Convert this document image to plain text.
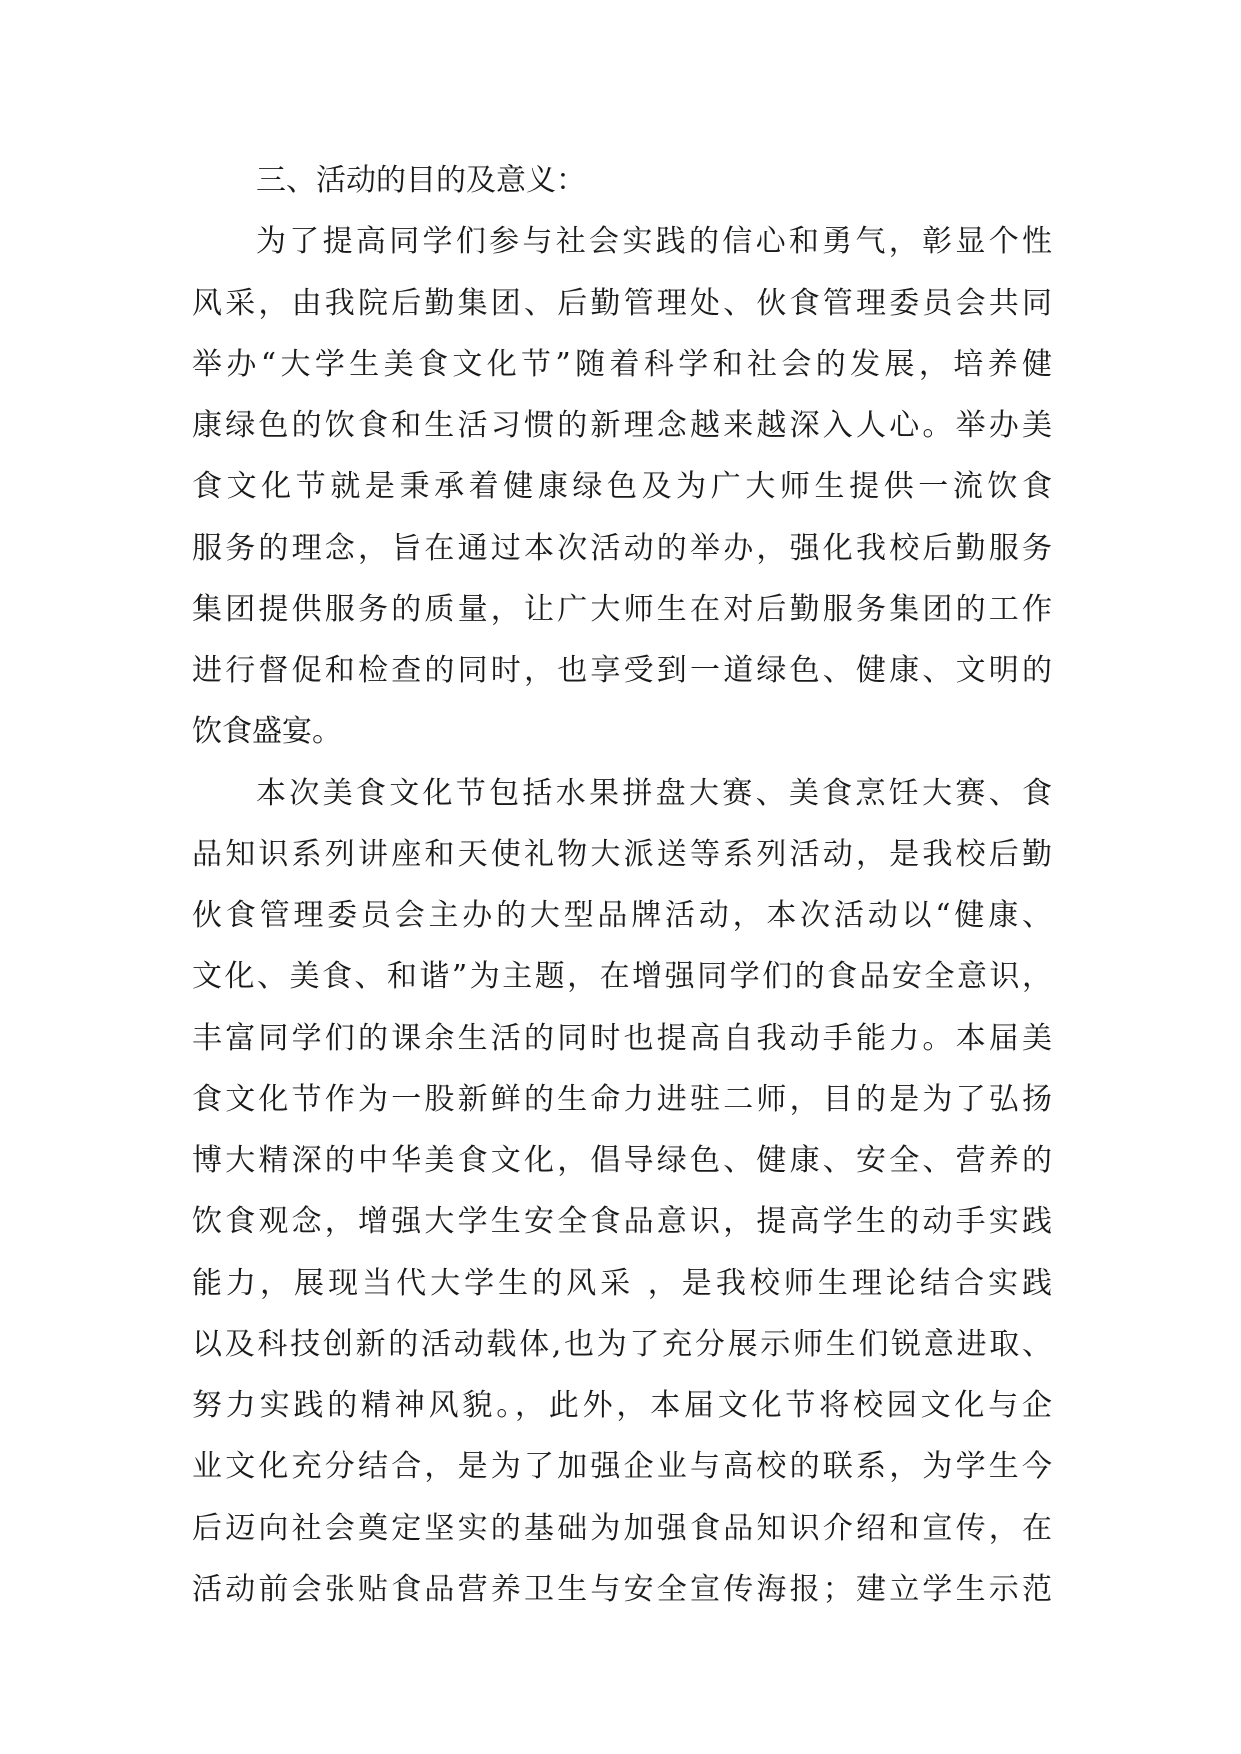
三、活动的目的及意义：
为了提高同学们参与社会实践的信心和勇气，彰显个性
风采，由我院后勤集团、后勤管理处、伙食管理委员会共同
举办“大学生美食文化节”随着科学和社会的发展，培养健
康绿色的饮食和生活习惯的新理念越来越深入人心。举办美
食文化节就是秉承着健康绿色及为广大师生提供一流饮食
服务的理念，旨在通过本次活动的举办，强化我校后勤服务
集团提供服务的质量，让广大师生在对后勤服务集团的工作
进行督促和检查的同时，也享受到一道绿色、健康、文明的
饮食盛宴。
本次美食文化节包括水果拼盘大赛、美食烹饪大赛、食
品知识系列讲座和天使礼物大派送等系列活动，是我校后勤
伙食管理委员会主办的大型品牌活动，本次活动以“健康、
文化、美食、和谐”为主题，在增强同学们的食品安全意识，
丰富同学们的课余生活的同时也提高自我动手能力。本届美
食文化节作为一股新鲜的生命力进驻二师，目的是为了弘扬
博大精深的中华美食文化，倡导绿色、健康、安全、营养的
饮食观念，增强大学生安全食品意识，提高学生的动手实践
能力，展现当代大学生的风采 ，是我校师生理论结合实践
以及科技创新的活动载体,也为了充分展示师生们锐意进取、
努力实践的精神风貌。，此外，本届文化节将校园文化与企
业文化充分结合，是为了加强企业与高校的联系，为学生今
后迈向社会奠定坚实的基础为加强食品知识介绍和宣传，在
活动前会张贴食品营养卫生与安全宣传海报；建立学生示范
